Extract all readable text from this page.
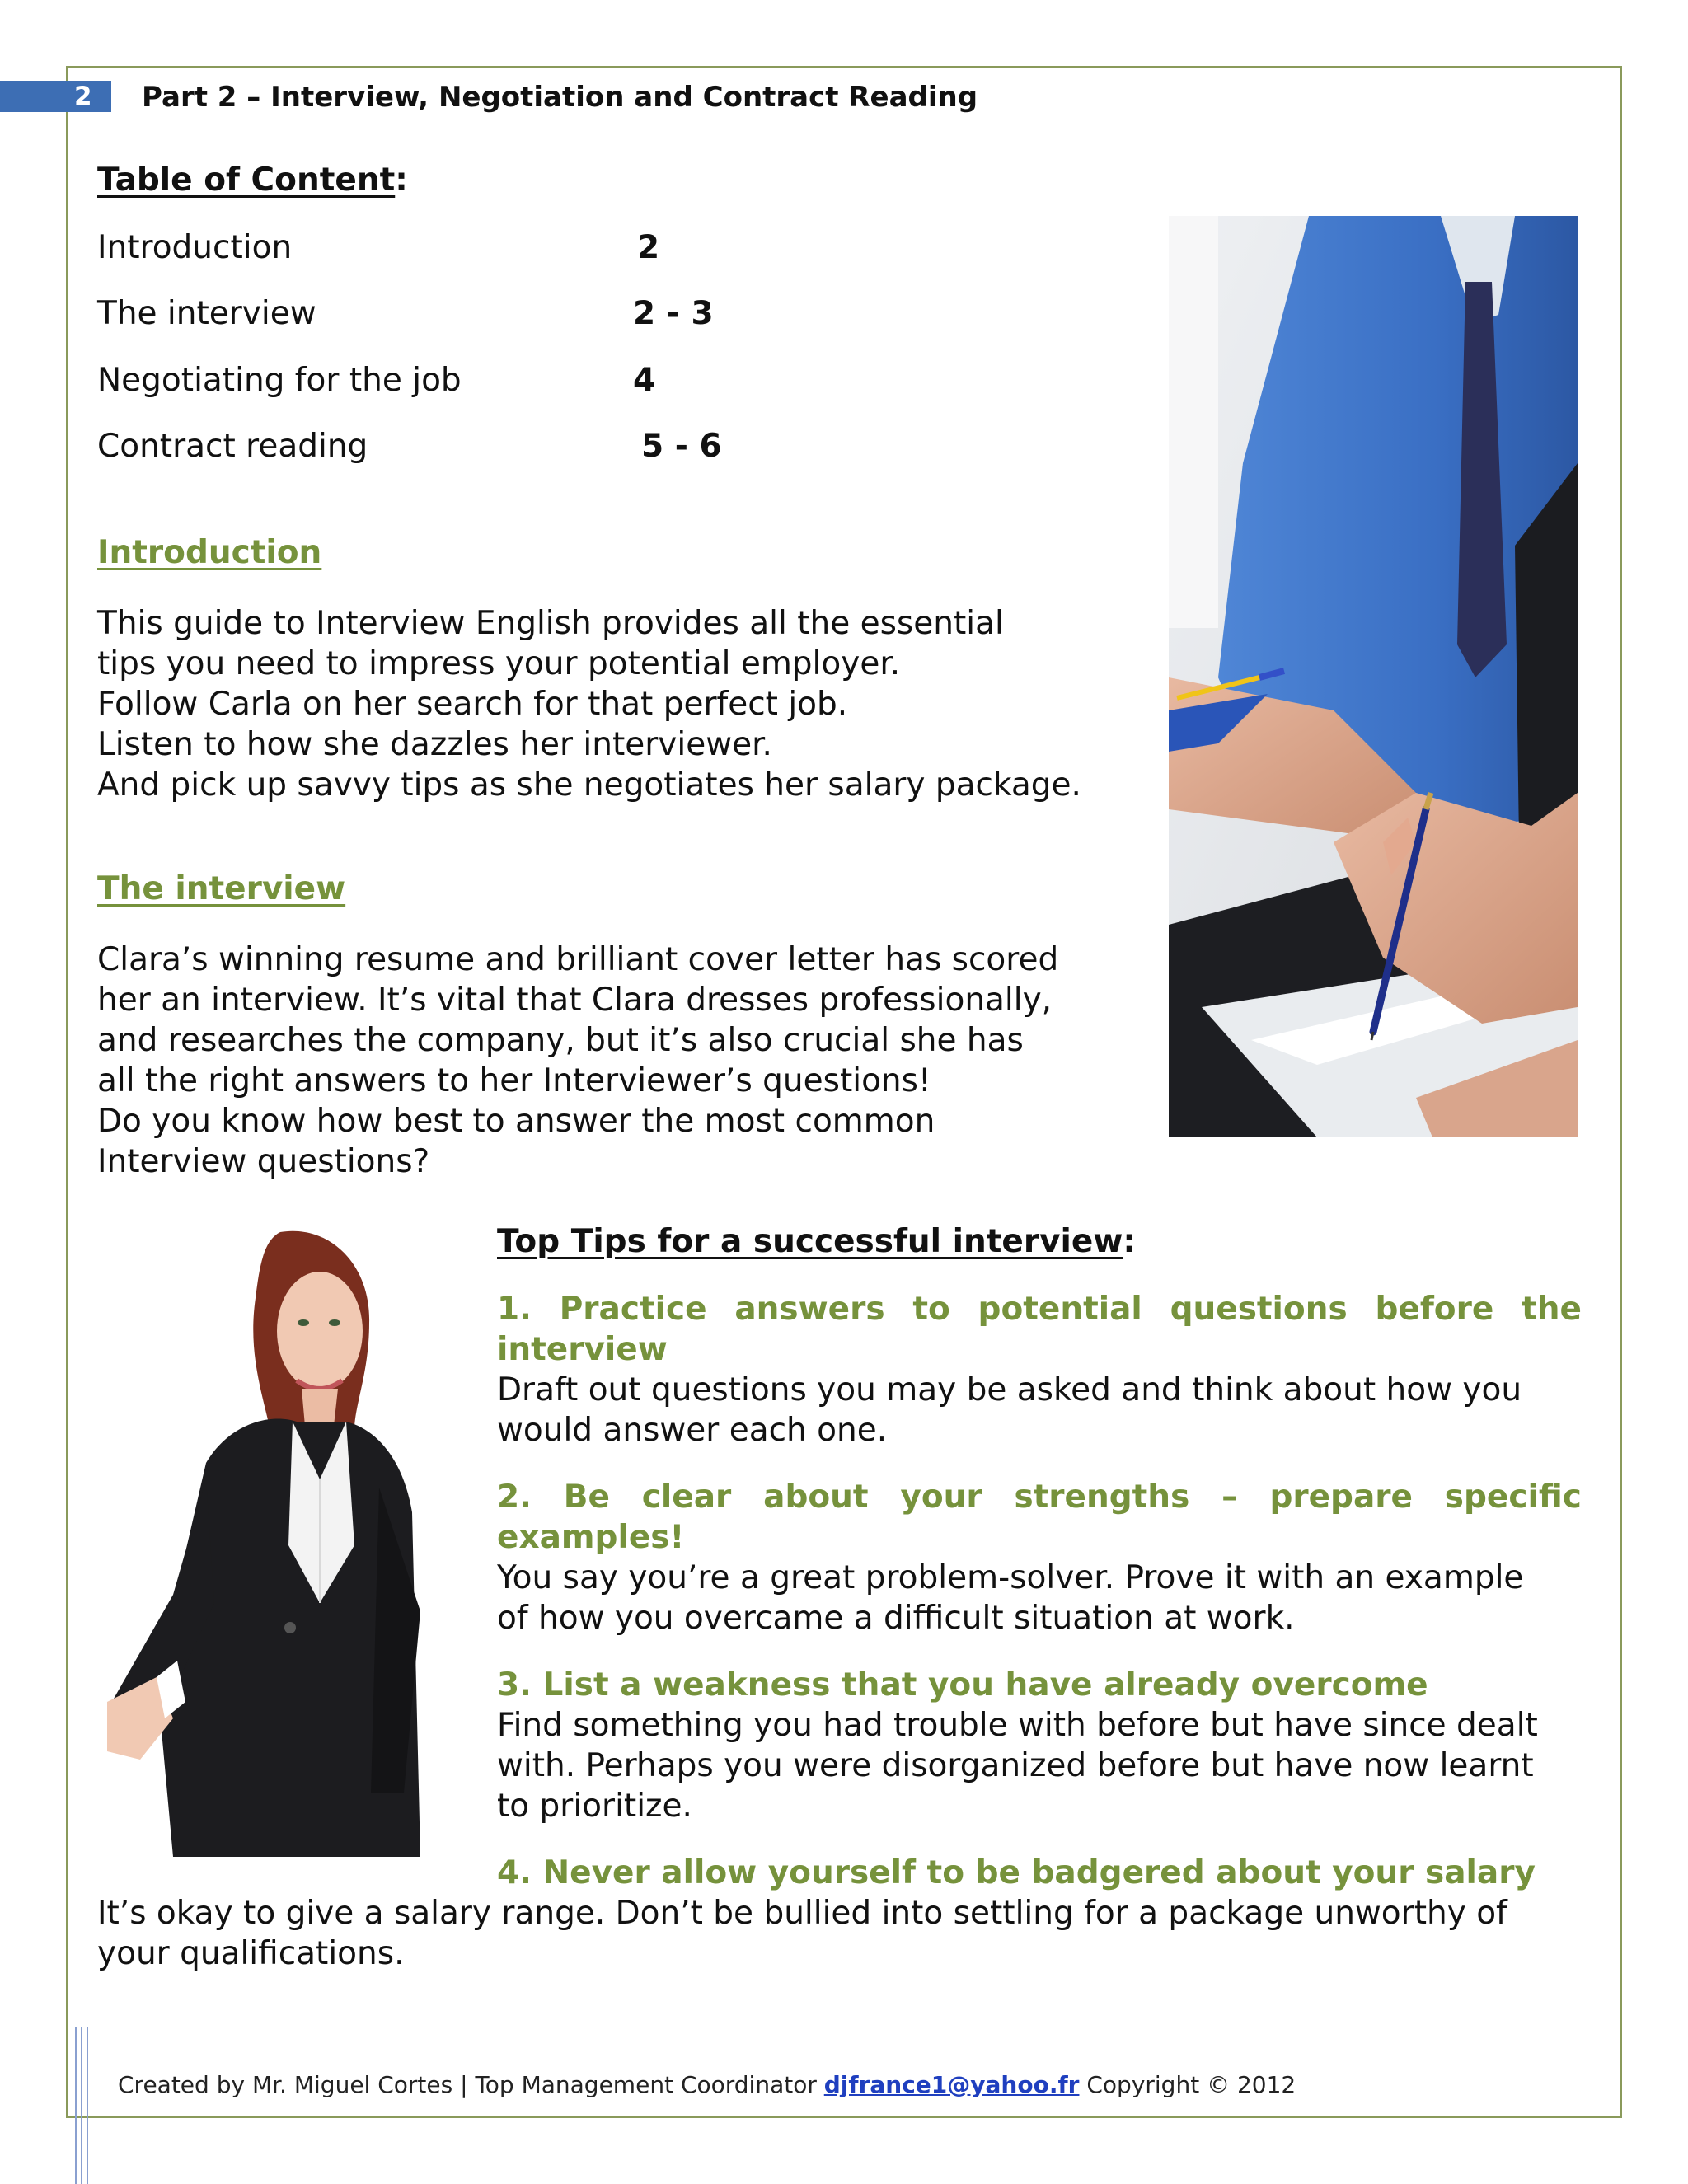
2 Part 2 – Interview, Negotiation and Contract Reading
Table of Content:
Introduction	2
The interview	2 - 3
Negotiating for the job	4
Contract reading	5 - 6
Introduction
This guide to Interview English provides all the essential
tips you need to impress your potential employer.
Follow Carla on her search for that perfect job.
Listen to how she dazzles her interviewer.
And pick up savvy tips as she negotiates her salary package.
The interview
Clara’s winning resume and brilliant cover letter has scored
her an interview. It’s vital that Clara dresses professionally,
and researches the company, but it’s also crucial she has
all the right answers to her Interviewer’s questions!
Do you know how best to answer the most common
Interview questions?
Top Tips for a successful interview:
1. Practice answers to potential questions before the
interview
Draft out questions you may be asked and think about how you
would answer each one.
2. Be clear about your strengths – prepare specific
examples!
You say you’re a great problem-solver. Prove it with an example
of how you overcame a difficult situation at work.
3. List a weakness that you have already overcome
Find something you had trouble with before but have since dealt
with. Perhaps you were disorganized before but have now learnt
to prioritize.
4. Never allow yourself to be badgered about your salary
It’s okay to give a salary range. Don’t be bullied into settling for a package unworthy of
your qualifications.
Created by Mr. Miguel Cortes | Top Management Coordinator djfrance1@yahoo.fr Copyright © 2012
